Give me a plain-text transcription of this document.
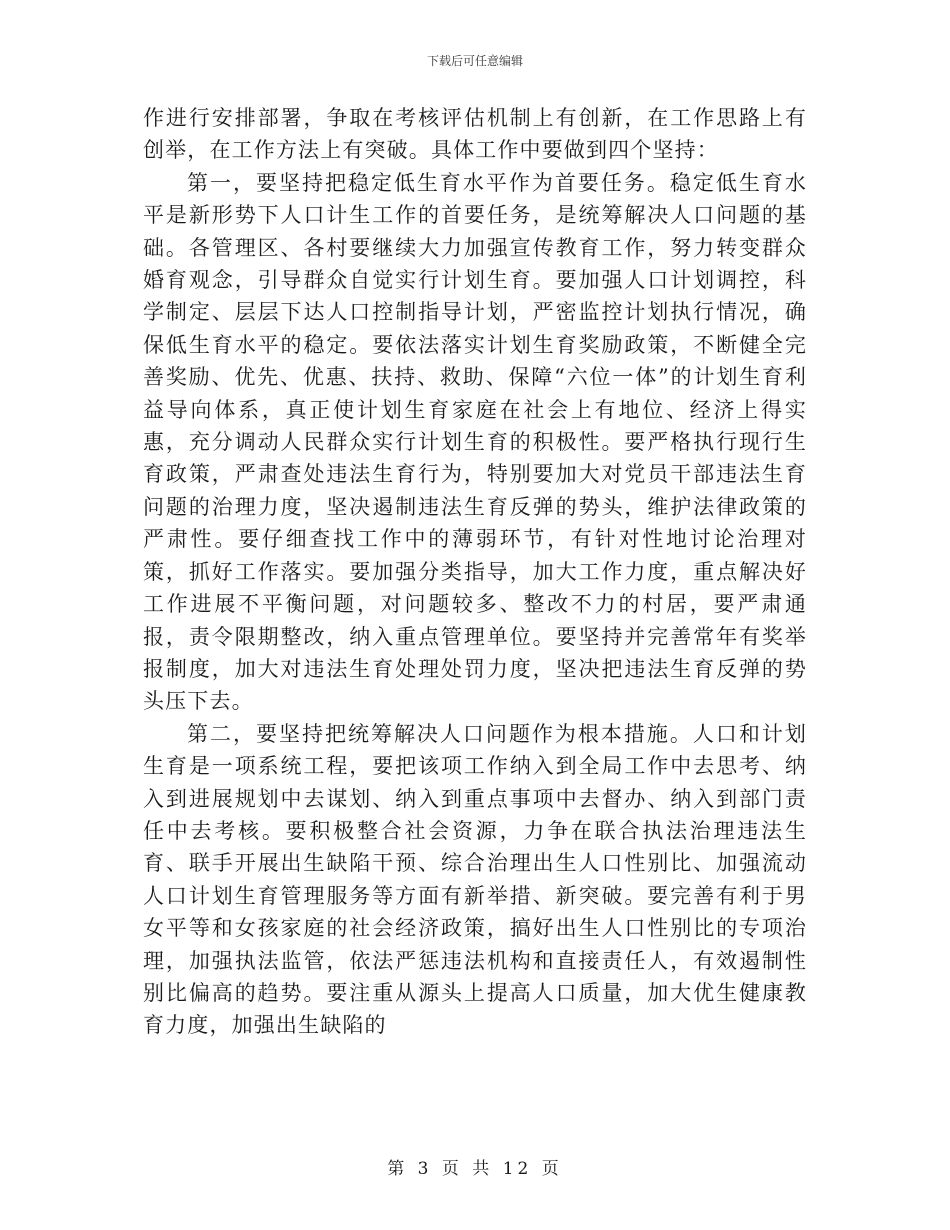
下载后可任意编辑

作进行安排部署，争取在考核评估机制上有创新，在工作思路上有创举，在工作方法上有突破。具体工作中要做到四个坚持：

第一，要坚持把稳定低生育水平作为首要任务。稳定低生育水平是新形势下人口计生工作的首要任务，是统筹解决人口问题的基础。各管理区、各村要继续大力加强宣传教育工作，努力转变群众婚育观念，引导群众自觉实行计划生育。要加强人口计划调控，科学制定、层层下达人口控制指导计划，严密监控计划执行情况，确保低生育水平的稳定。要依法落实计划生育奖励政策，不断健全完善奖励、优先、优惠、扶持、救助、保障“六位一体”的计划生育利益导向体系，真正使计划生育家庭在社会上有地位、经济上得实惠，充分调动人民群众实行计划生育的积极性。要严格执行现行生育政策，严肃查处违法生育行为，特别要加大对党员干部违法生育问题的治理力度，坚决遏制违法生育反弹的势头，维护法律政策的严肃性。要仔细查找工作中的薄弱环节，有针对性地讨论治理对策，抓好工作落实。要加强分类指导，加大工作力度，重点解决好工作进展不平衡问题，对问题较多、整改不力的村居，要严肃通报，责令限期整改，纳入重点管理单位。要坚持并完善常年有奖举报制度，加大对违法生育处理处罚力度，坚决把违法生育反弹的势头压下去。

第二，要坚持把统筹解决人口问题作为根本措施。人口和计划生育是一项系统工程，要把该项工作纳入到全局工作中去思考、纳入到进展规划中去谋划、纳入到重点事项中去督办、纳入到部门责任中去考核。要积极整合社会资源，力争在联合执法治理违法生育、联手开展出生缺陷干预、综合治理出生人口性别比、加强流动人口计划生育管理服务等方面有新举措、新突破。要完善有利于男女平等和女孩家庭的社会经济政策，搞好出生人口性别比的专项治理，加强执法监管，依法严惩违法机构和直接责任人，有效遏制性别比偏高的趋势。要注重从源头上提高人口质量，加大优生健康教育力度，加强出生缺陷的

第 3 页 共 12 页
